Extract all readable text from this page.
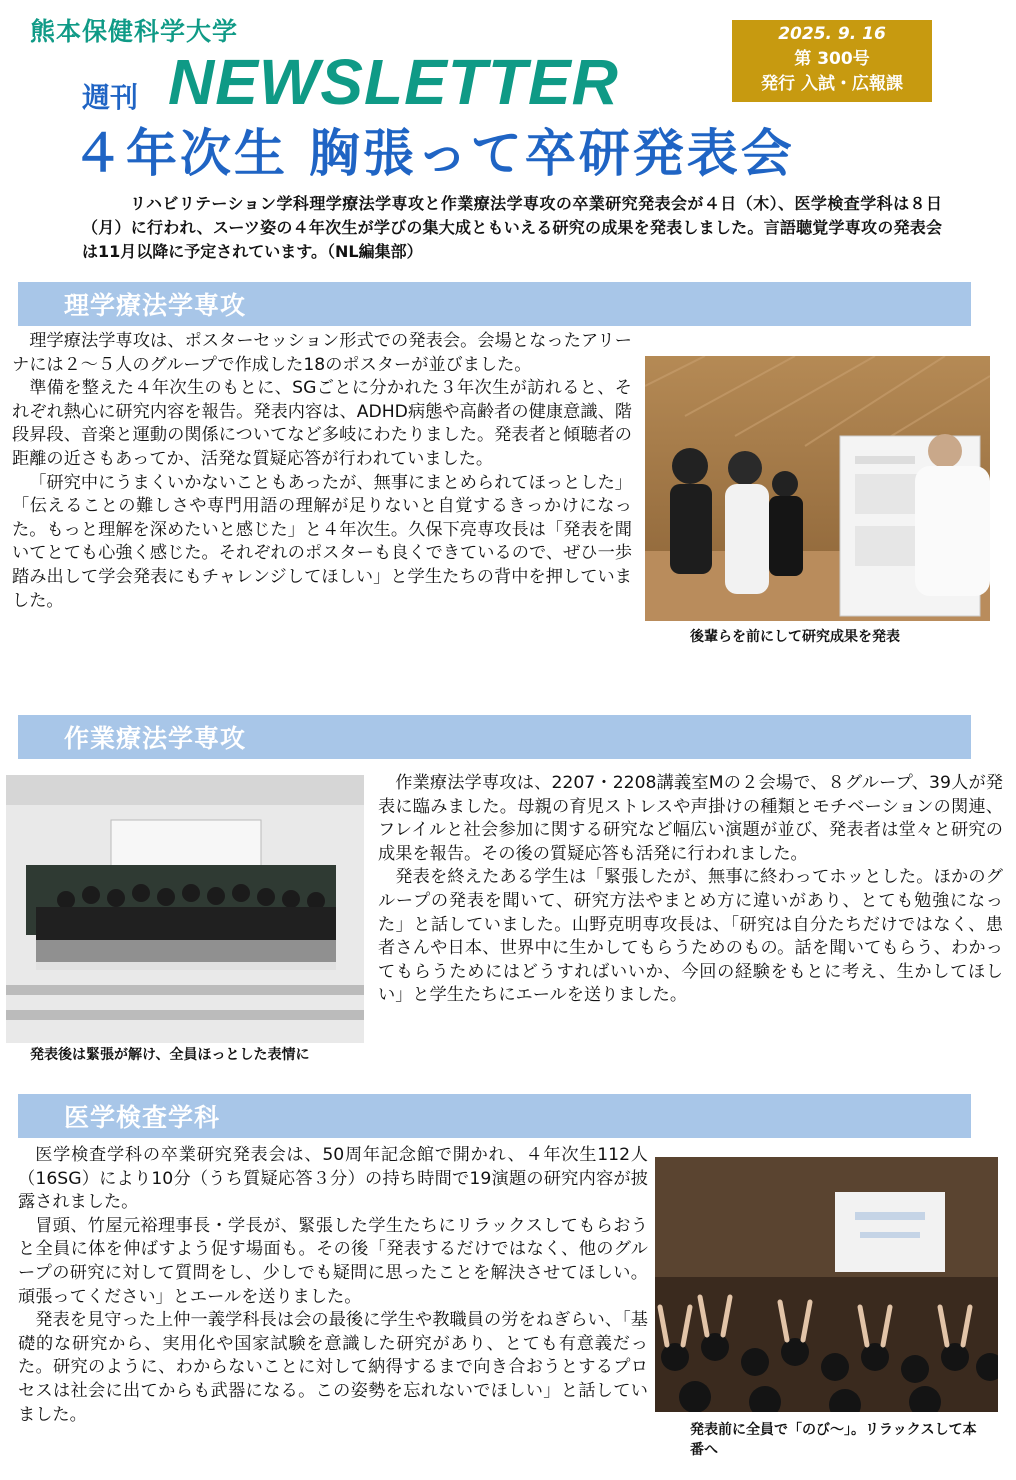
熊本保健科学大学
週刊 NEWSLETTER
2025. 9. 16
第 300号
発行 入試・広報課
４年次生 胸張って卒研発表会

リハビリテーション学科理学療法学専攻と作業療法学専攻の卒業研究発表会が４日（木）、医学検査学科は８日（月）に行われ、スーツ姿の４年次生が学びの集大成ともいえる研究の成果を発表しました。言語聴覚学専攻の発表会は11月以降に予定されています。（NL編集部）

理学療法学専攻

理学療法学専攻は、ポスターセッション形式での発表会。会場となったアリーナには２～５人のグループで作成した18のポスターが並びました。

準備を整えた４年次生のもとに、SGごとに分かれた３年次生が訪れると、それぞれ熱心に研究内容を報告。発表内容は、ADHD病態や高齢者の健康意識、階段昇段、音楽と運動の関係についてなど多岐にわたりました。発表者と傾聴者の距離の近さもあってか、活発な質疑応答が行われていました。

「研究中にうまくいかないこともあったが、無事にまとめられてほっとした」「伝えることの難しさや専門用語の理解が足りないと自覚するきっかけになった。もっと理解を深めたいと感じた」と４年次生。久保下亮専攻長は「発表を聞いてとても心強く感じた。それぞれのポスターも良くできているので、ぜひ一歩踏み出して学会発表にもチャレンジしてほしい」と学生たちの背中を押していました。

後輩らを前にして研究成果を発表
作業療法学専攻
発表後は緊張が解け、全員ほっとした表情に

作業療法学専攻は、2207・2208講義室Mの２会場で、８グループ、39人が発表に臨みました。母親の育児ストレスや声掛けの種類とモチベーションの関連、フレイルと社会参加に関する研究など幅広い演題が並び、発表者は堂々と研究の成果を報告。その後の質疑応答も活発に行われました。

発表を終えたある学生は「緊張したが、無事に終わってホッとした。ほかのグループの発表を聞いて、研究方法やまとめ方に違いがあり、とても勉強になった」と話していました。山野克明専攻長は、「研究は自分たちだけではなく、患者さんや日本、世界中に生かしてもらうためのもの。話を聞いてもらう、わかってもらうためにはどうすればいいか、今回の経験をもとに考え、生かしてほしい」と学生たちにエールを送りました。

医学検査学科

医学検査学科の卒業研究発表会は、50周年記念館で開かれ、４年次生112人（16SG）により10分（うち質疑応答３分）の持ち時間で19演題の研究内容が披露されました。

冒頭、竹屋元裕理事長・学長が、緊張した学生たちにリラックスしてもらおうと全員に体を伸ばすよう促す場面も。その後「発表するだけではなく、他のグループの研究に対して質問をし、少しでも疑問に思ったことを解決させてほしい。頑張ってください」とエールを送りました。

発表を見守った上仲一義学科長は会の最後に学生や教職員の労をねぎらい、「基礎的な研究から、実用化や国家試験を意識した研究があり、とても有意義だった。研究のように、わからないことに対して納得するまで向き合おうとするプロセスは社会に出てからも武器になる。この姿勢を忘れないでほしい」と話していました。

発表前に全員で「のび～」。リラックスして本番へ
